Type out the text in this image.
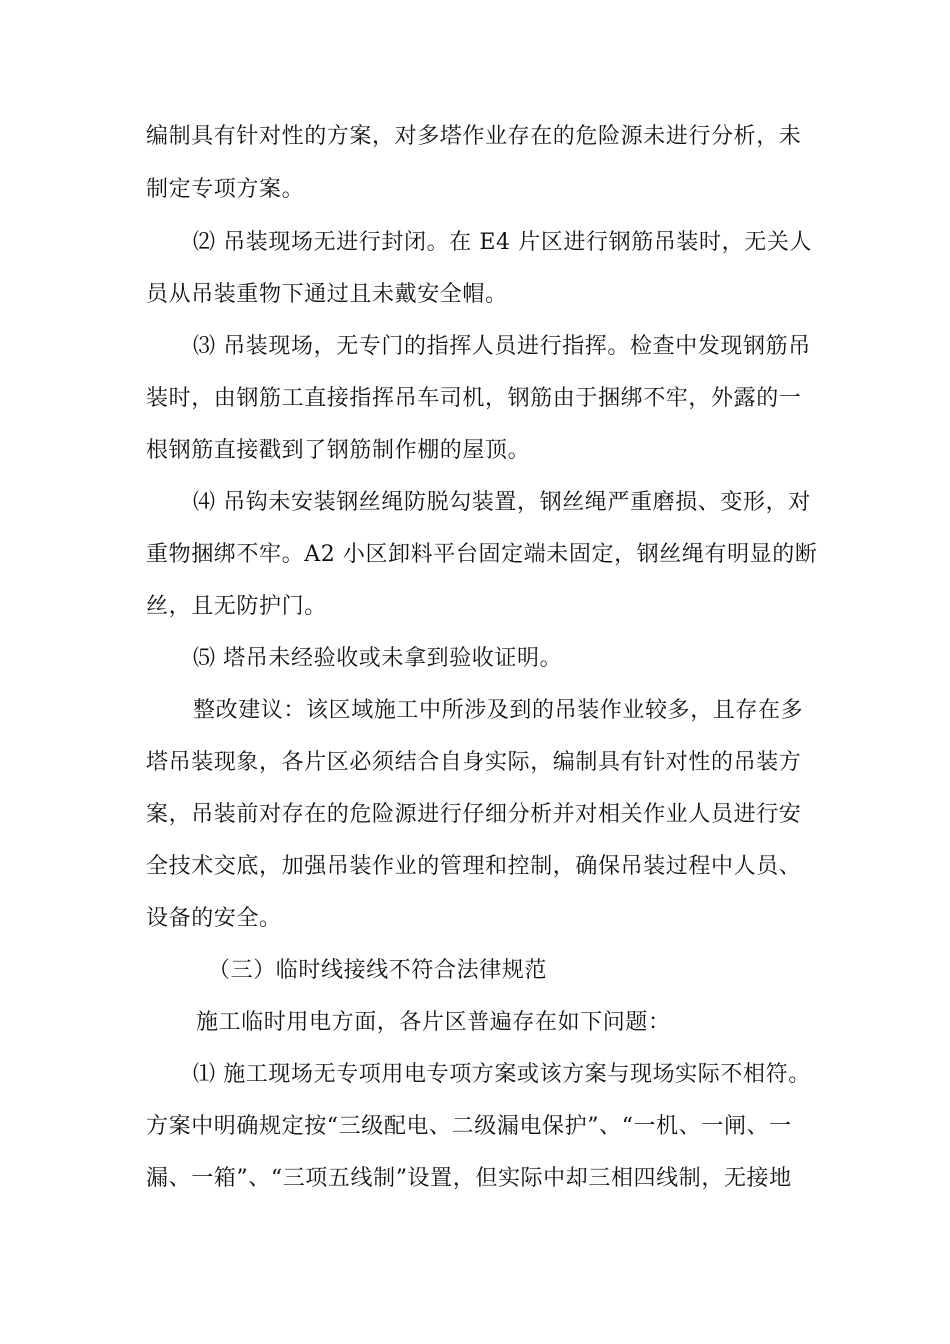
编制具有针对性的方案，对多塔作业存在的危险源未进行分析，未
制定专项方案。
⑵ 吊装现场无进行封闭。在 E4 片区进行钢筋吊装时，无关人
员从吊装重物下通过且未戴安全帽。
⑶ 吊装现场，无专门的指挥人员进行指挥。检查中发现钢筋吊
装时，由钢筋工直接指挥吊车司机，钢筋由于捆绑不牢，外露的一
根钢筋直接戳到了钢筋制作棚的屋顶。
⑷ 吊钩未安装钢丝绳防脱勾装置，钢丝绳严重磨损、变形，对
重物捆绑不牢。A2 小区卸料平台固定端未固定，钢丝绳有明显的断
丝，且无防护门。
⑸ 塔吊未经验收或未拿到验收证明。
整改建议：该区域施工中所涉及到的吊装作业较多，且存在多
塔吊装现象，各片区必须结合自身实际，编制具有针对性的吊装方
案，吊装前对存在的危险源进行仔细分析并对相关作业人员进行安
全技术交底，加强吊装作业的管理和控制，确保吊装过程中人员、
设备的安全。
（三）临时线接线不符合法律规范
施工临时用电方面，各片区普遍存在如下问题：
⑴ 施工现场无专项用电专项方案或该方案与现场实际不相符。
方案中明确规定按“三级配电、二级漏电保护”、“一机、一闸、一
漏、一箱”、“三项五线制”设置，但实际中却三相四线制，无接地
